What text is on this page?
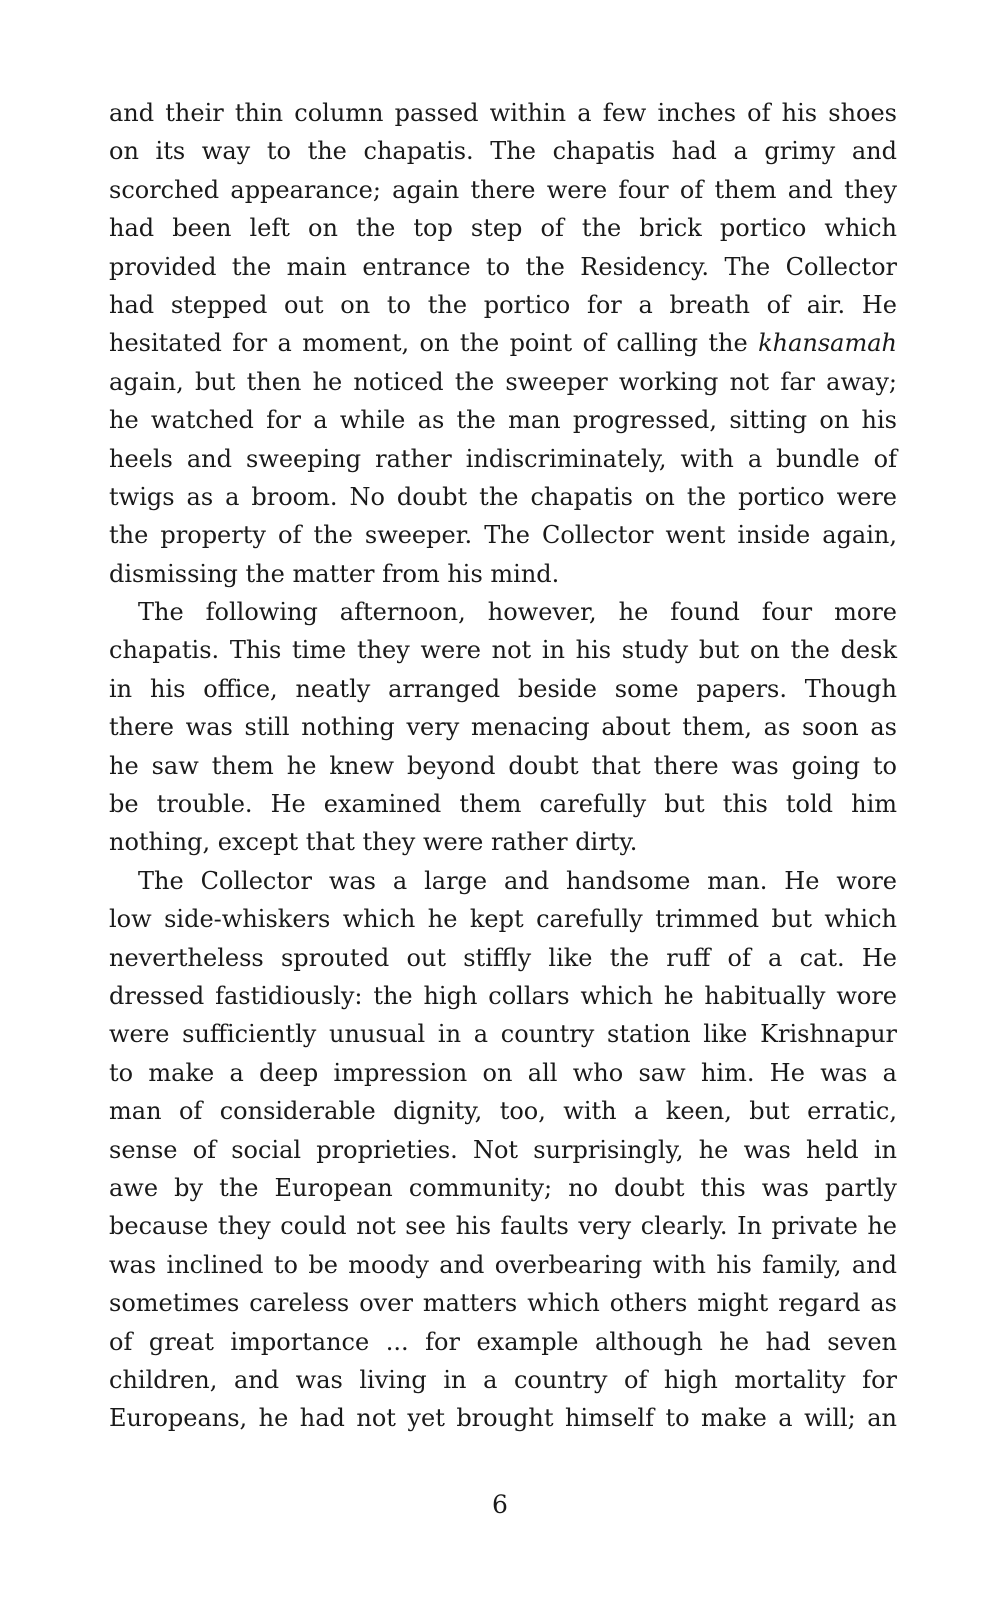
and their thin column passed within a few inches of his shoes
on its way to the chapatis. The chapatis had a grimy and
scorched appearance; again there were four of them and they
had been left on the top step of the brick portico which
provided the main entrance to the Residency. The Collector
had stepped out on to the portico for a breath of air. He
hesitated for a moment, on the point of calling the khansamah
again, but then he noticed the sweeper working not far away;
he watched for a while as the man progressed, sitting on his
heels and sweeping rather indiscriminately, with a bundle of
twigs as a broom. No doubt the chapatis on the portico were
the property of the sweeper. The Collector went inside again,
dismissing the matter from his mind.
The following afternoon, however, he found four more
chapatis. This time they were not in his study but on the desk
in his office, neatly arranged beside some papers. Though
there was still nothing very menacing about them, as soon as
he saw them he knew beyond doubt that there was going to
be trouble. He examined them carefully but this told him
nothing, except that they were rather dirty.
The Collector was a large and handsome man. He wore
low side-whiskers which he kept carefully trimmed but which
nevertheless sprouted out stiffly like the ruff of a cat. He
dressed fastidiously: the high collars which he habitually wore
were sufficiently unusual in a country station like Krishnapur
to make a deep impression on all who saw him. He was a
man of considerable dignity, too, with a keen, but erratic,
sense of social proprieties. Not surprisingly, he was held in
awe by the European community; no doubt this was partly
because they could not see his faults very clearly. In private he
was inclined to be moody and overbearing with his family, and
sometimes careless over matters which others might regard as
of great importance ... for example although he had seven
children, and was living in a country of high mortality for
Europeans, he had not yet brought himself to make a will; an
6
